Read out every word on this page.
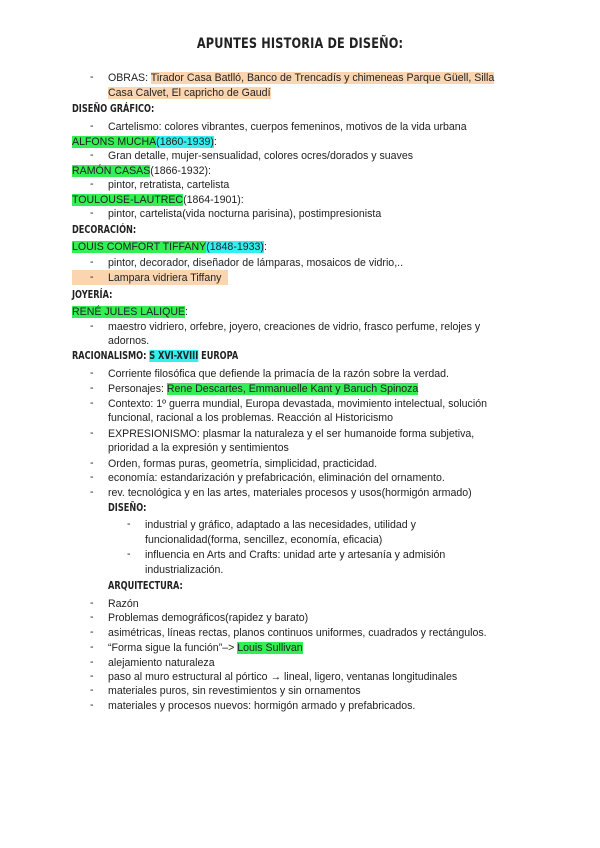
APUNTES HISTORIA DE DISEÑO:
- OBRAS: Tirador Casa Batlló, Banco de Trencadís y chimeneas Parque Güell, Silla
Casa Calvet, El capricho de Gaudí
DISEÑO GRÁFICO:
- Cartelismo: colores vibrantes, cuerpos femeninos, motivos de la vida urbana
ALFONS MUCHA(1860-1939):
- Gran detalle, mujer-sensualidad, colores ocres/dorados y suaves
RAMÓN CASAS(1866-1932):
- pintor, retratista, cartelista
TOULOUSE-LAUTREC(1864-1901):
- pintor, cartelista(vida nocturna parisina), postimpresionista
DECORACIÓN:
LOUIS COMFORT TIFFANY(1848-1933):
- pintor, decorador, diseñador de lámparas, mosaicos de vidrio,..
- Lampara vidriera Tiffany
JOYERÍA:
RENÉ JULES LALIQUE:
- maestro vidriero, orfebre, joyero, creaciones de vidrio, frasco perfume, relojes y
adornos.
RACIONALISMO: S XVI-XVIII EUROPA
- Corriente filosófica que defiende la primacía de la razón sobre la verdad.
- Personajes: Rene Descartes, Emmanuelle Kant y Baruch Spinoza
- Contexto: 1º guerra mundial, Europa devastada, movimiento intelectual, solución
funcional, racional a los problemas. Reacción al Historicismo
- EXPRESIONISMO: plasmar la naturaleza y el ser humanoide forma subjetiva,
prioridad a la expresión y sentimientos
- Orden, formas puras, geometría, simplicidad, practicidad.
- economía: estandarización y prefabricación, eliminación del ornamento.
- rev. tecnológica y en las artes, materiales procesos y usos(hormigón armado)
DISEÑO:
- industrial y gráfico, adaptado a las necesidades, utilidad y
funcionalidad(forma, sencillez, economía, eficacia)
- influencia en Arts and Crafts: unidad arte y artesanía y admisión
industrialización.
ARQUITECTURA:
- Razón
- Problemas demográficos(rapidez y barato)
- asimétricas, líneas rectas, planos continuos uniformes, cuadrados y rectángulos.
- “Forma sigue la función”–> Louis Sullivan
- alejamiento naturaleza
- paso al muro estructural al pórtico → lineal, ligero, ventanas longitudinales
- materiales puros, sin revestimientos y sin ornamentos
- materiales y procesos nuevos: hormigón armado y prefabricados.
